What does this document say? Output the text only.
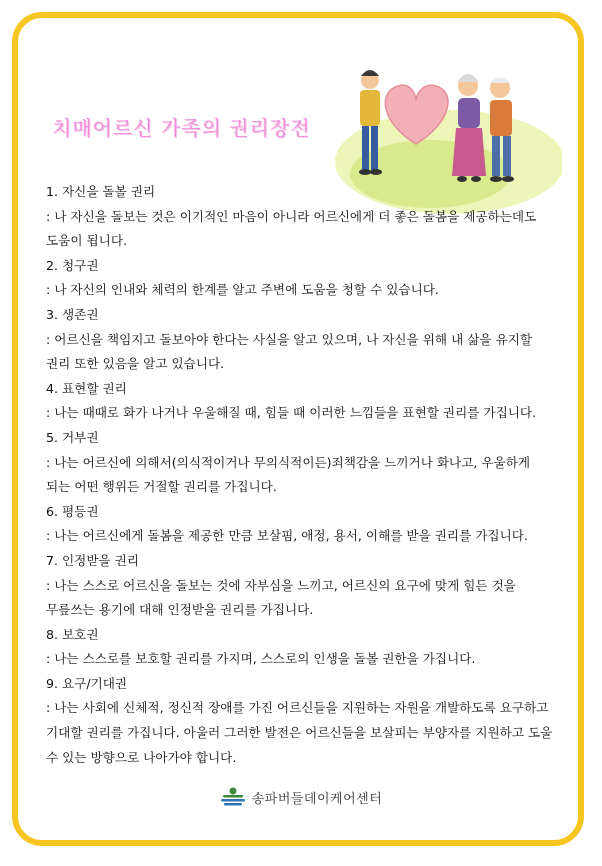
치매어르신 가족의 권리장전

1. 자신을 돌볼 권리

: 나 자신을 돌보는 것은 이기적인 마음이 아니라 어르신에게 더 좋은 돌봄을 제공하는데도

도움이 됩니다.

2. 청구권

: 나 자신의 인내와 체력의 한계를 알고 주변에 도움을 청할 수 있습니다.

3. 생존권

: 어르신을 책임지고 돌보아야 한다는 사실을 알고 있으며, 나 자신을 위해 내 삶을 유지할

권리 또한 있음을 알고 있습니다.

4. 표현할 권리

: 나는 때때로 화가 나거나 우울해질 때, 힘들 때 이러한 느낌들을 표현할 권리를 가집니다.

5. 거부권

: 나는 어르신에 의해서(의식적이거나 무의식적이든)죄책감을 느끼거나 화나고, 우울하게

되는 어떤 행위든 거절할 권리를 가집니다.

6. 평등권

: 나는 어르신에게 돌봄을 제공한 만큼 보살핌, 애정, 용서, 이해를 받을 권리를 가집니다.

7. 인정받을 권리

: 나는 스스로 어르신을 돌보는 것에 자부심을 느끼고, 어르신의 요구에 맞게 힘든 것을

무릎쓰는 용기에 대해 인정받을 권리를 가집니다.

8. 보호권

: 나는 스스로를 보호할 권리를 가지며, 스스로의 인생을 돌볼 권한을 가집니다.

9. 요구/기대권

: 나는 사회에 신체적, 정신적 장애를 가진 어르신들을 지원하는 자원을 개발하도록 요구하고

기대할 권리를 가집니다. 아울러 그러한 발전은 어르신들을 보살피는 부양자를 지원하고 도울

수 있는 방향으로 나아가야 합니다.

송파버들데이케어센터
